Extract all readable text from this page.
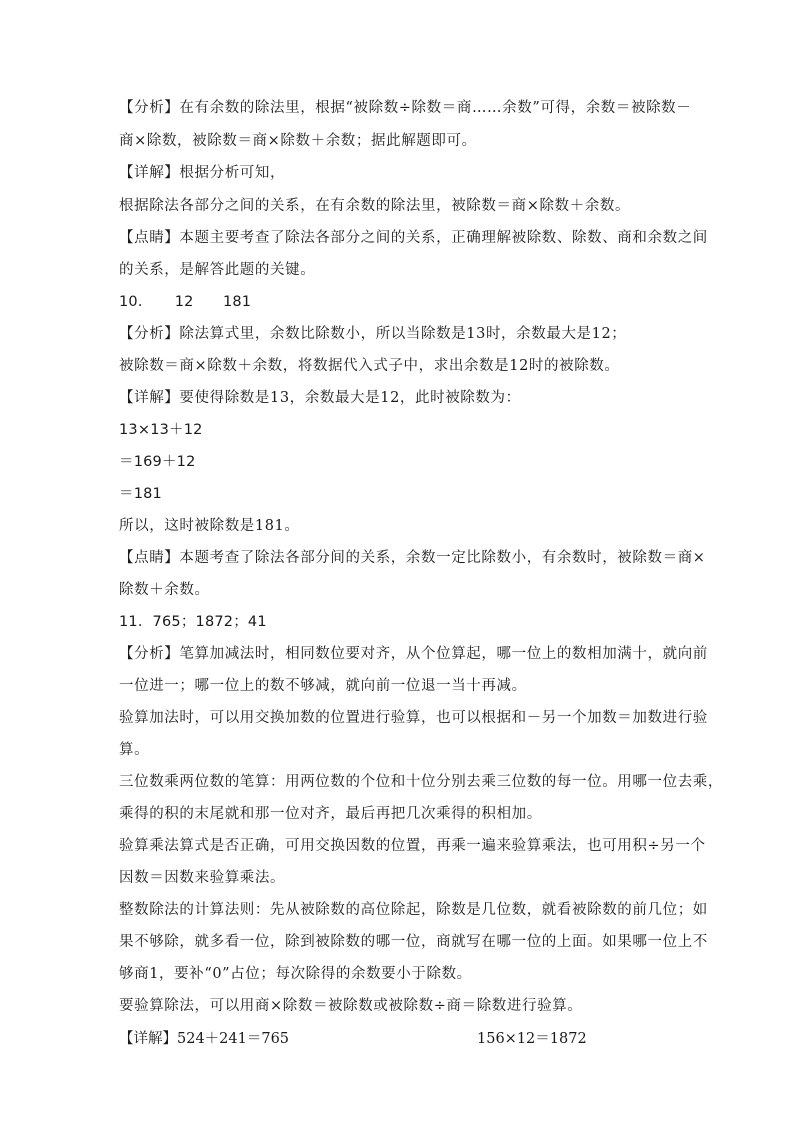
【分析】在有余数的除法里，根据“被除数÷除数＝商……余数”可得，余数＝被除数－
商×除数，被除数＝商×除数＋余数；据此解题即可。
【详解】根据分析可知，
根据除法各部分之间的关系，在有余数的除法里，被除数＝商×除数＋余数。
【点睛】本题主要考查了除法各部分之间的关系，正确理解被除数、除数、商和余数之间
的关系，是解答此题的关键。
10．　　12　　181
【分析】除法算式里，余数比除数小，所以当除数是13时，余数最大是12；
被除数＝商×除数＋余数，将数据代入式子中，求出余数是12时的被除数。
【详解】要使得除数是13，余数最大是12，此时被除数为：
13×13＋12
＝169＋12
＝181
所以，这时被除数是181。
【点睛】本题考查了除法各部分间的关系，余数一定比除数小，有余数时，被除数＝商×
除数＋余数。
11．765；1872；41
【分析】笔算加减法时，相同数位要对齐，从个位算起，哪一位上的数相加满十，就向前
一位进一；哪一位上的数不够减，就向前一位退一当十再减。
验算加法时，可以用交换加数的位置进行验算，也可以根据和－另一个加数＝加数进行验
算。
三位数乘两位数的笔算：用两位数的个位和十位分别去乘三位数的每一位。用哪一位去乘，
乘得的积的末尾就和那一位对齐，最后再把几次乘得的积相加。
验算乘法算式是否正确，可用交换因数的位置，再乘一遍来验算乘法，也可用积÷另一个
因数＝因数来验算乘法。
整数除法的计算法则：先从被除数的高位除起，除数是几位数，就看被除数的前几位；如
果不够除，就多看一位，除到被除数的哪一位，商就写在哪一位的上面。如果哪一位上不
够商1，要补“0”占位；每次除得的余数要小于除数。
要验算除法，可以用商×除数＝被除数或被除数÷商＝除数进行验算。
【详解】524＋241＝765	156×12＝1872
